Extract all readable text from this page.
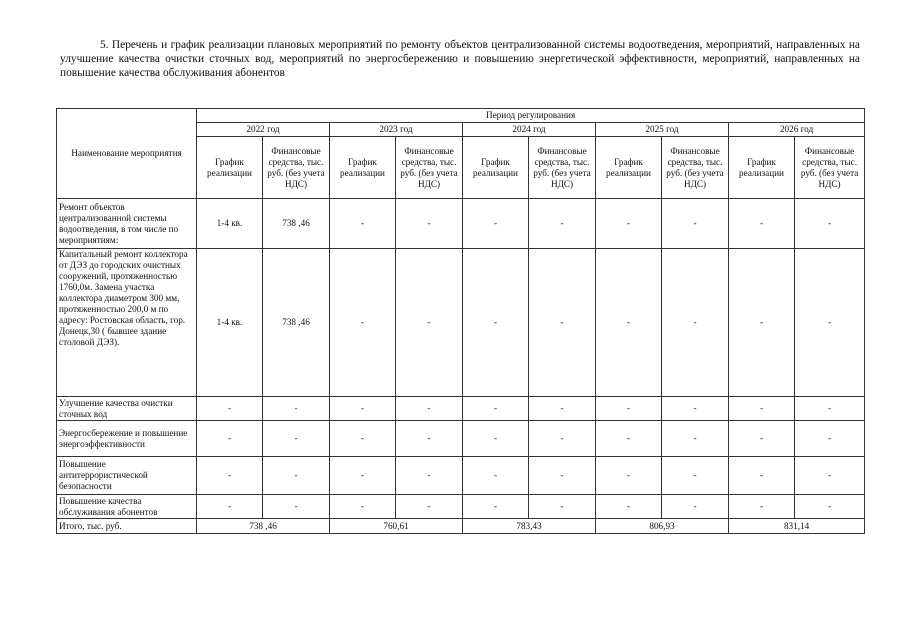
5. Перечень и график реализации плановых мероприятий по ремонту объектов централизованной системы водоотведения, мероприятий, направленных на улучшение качества очистки сточных вод, мероприятий по энергосбережению и повышению энергетической эффективности, мероприятий, направленных на повышение качества обслуживания абонентов
Наименование мероприятия	Период регулирования									
	2022 год		2023 год		2024 год		2025 год		2026 год	
	График реализации	Финансовые средства, тыс. руб. (без учета НДС)	График реализации	Финансовые средства, тыс. руб. (без учета НДС)	График реализации	Финансовые средства, тыс. руб. (без учета НДС)	График реализации	Финансовые средства, тыс. руб. (без учета НДС)	График реализации	Финансовые средства, тыс. руб. (без учета НДС)
Ремонт объектов централизованной системы водоотведения, в том числе по мероприятиям:	1-4 кв.	738 ,46	-	-	-	-	-	-	-	-
Капитальный ремонт коллектора от ДЭЗ до городских очистных сооружений, протяженностью 1760,0м. Замена участка коллектора диаметром 300 мм, протяженностью 200,0 м по адресу: Ростовская область, гор. Донецк,30 ( бывшее здание столовой ДЭЗ).	1-4 кв.	738 ,46	-	-	-	-	-	-	-	-
Улучшение качества очистки сточных вод	-	-	-	-	-	-	-	-	-	-
Энергосбережение и повышение энергоэффективности	-	-	-	-	-	-	-	-	-	-
Повышение антитеррористической безопасности	-	-	-	-	-	-	-	-	-	-
Повышение качества обслуживания абонентов	-	-	-	-	-	-	-	-	-	-
Итого, тыс. руб.	738 ,46		760,61		783,43		806,93		831,14	
